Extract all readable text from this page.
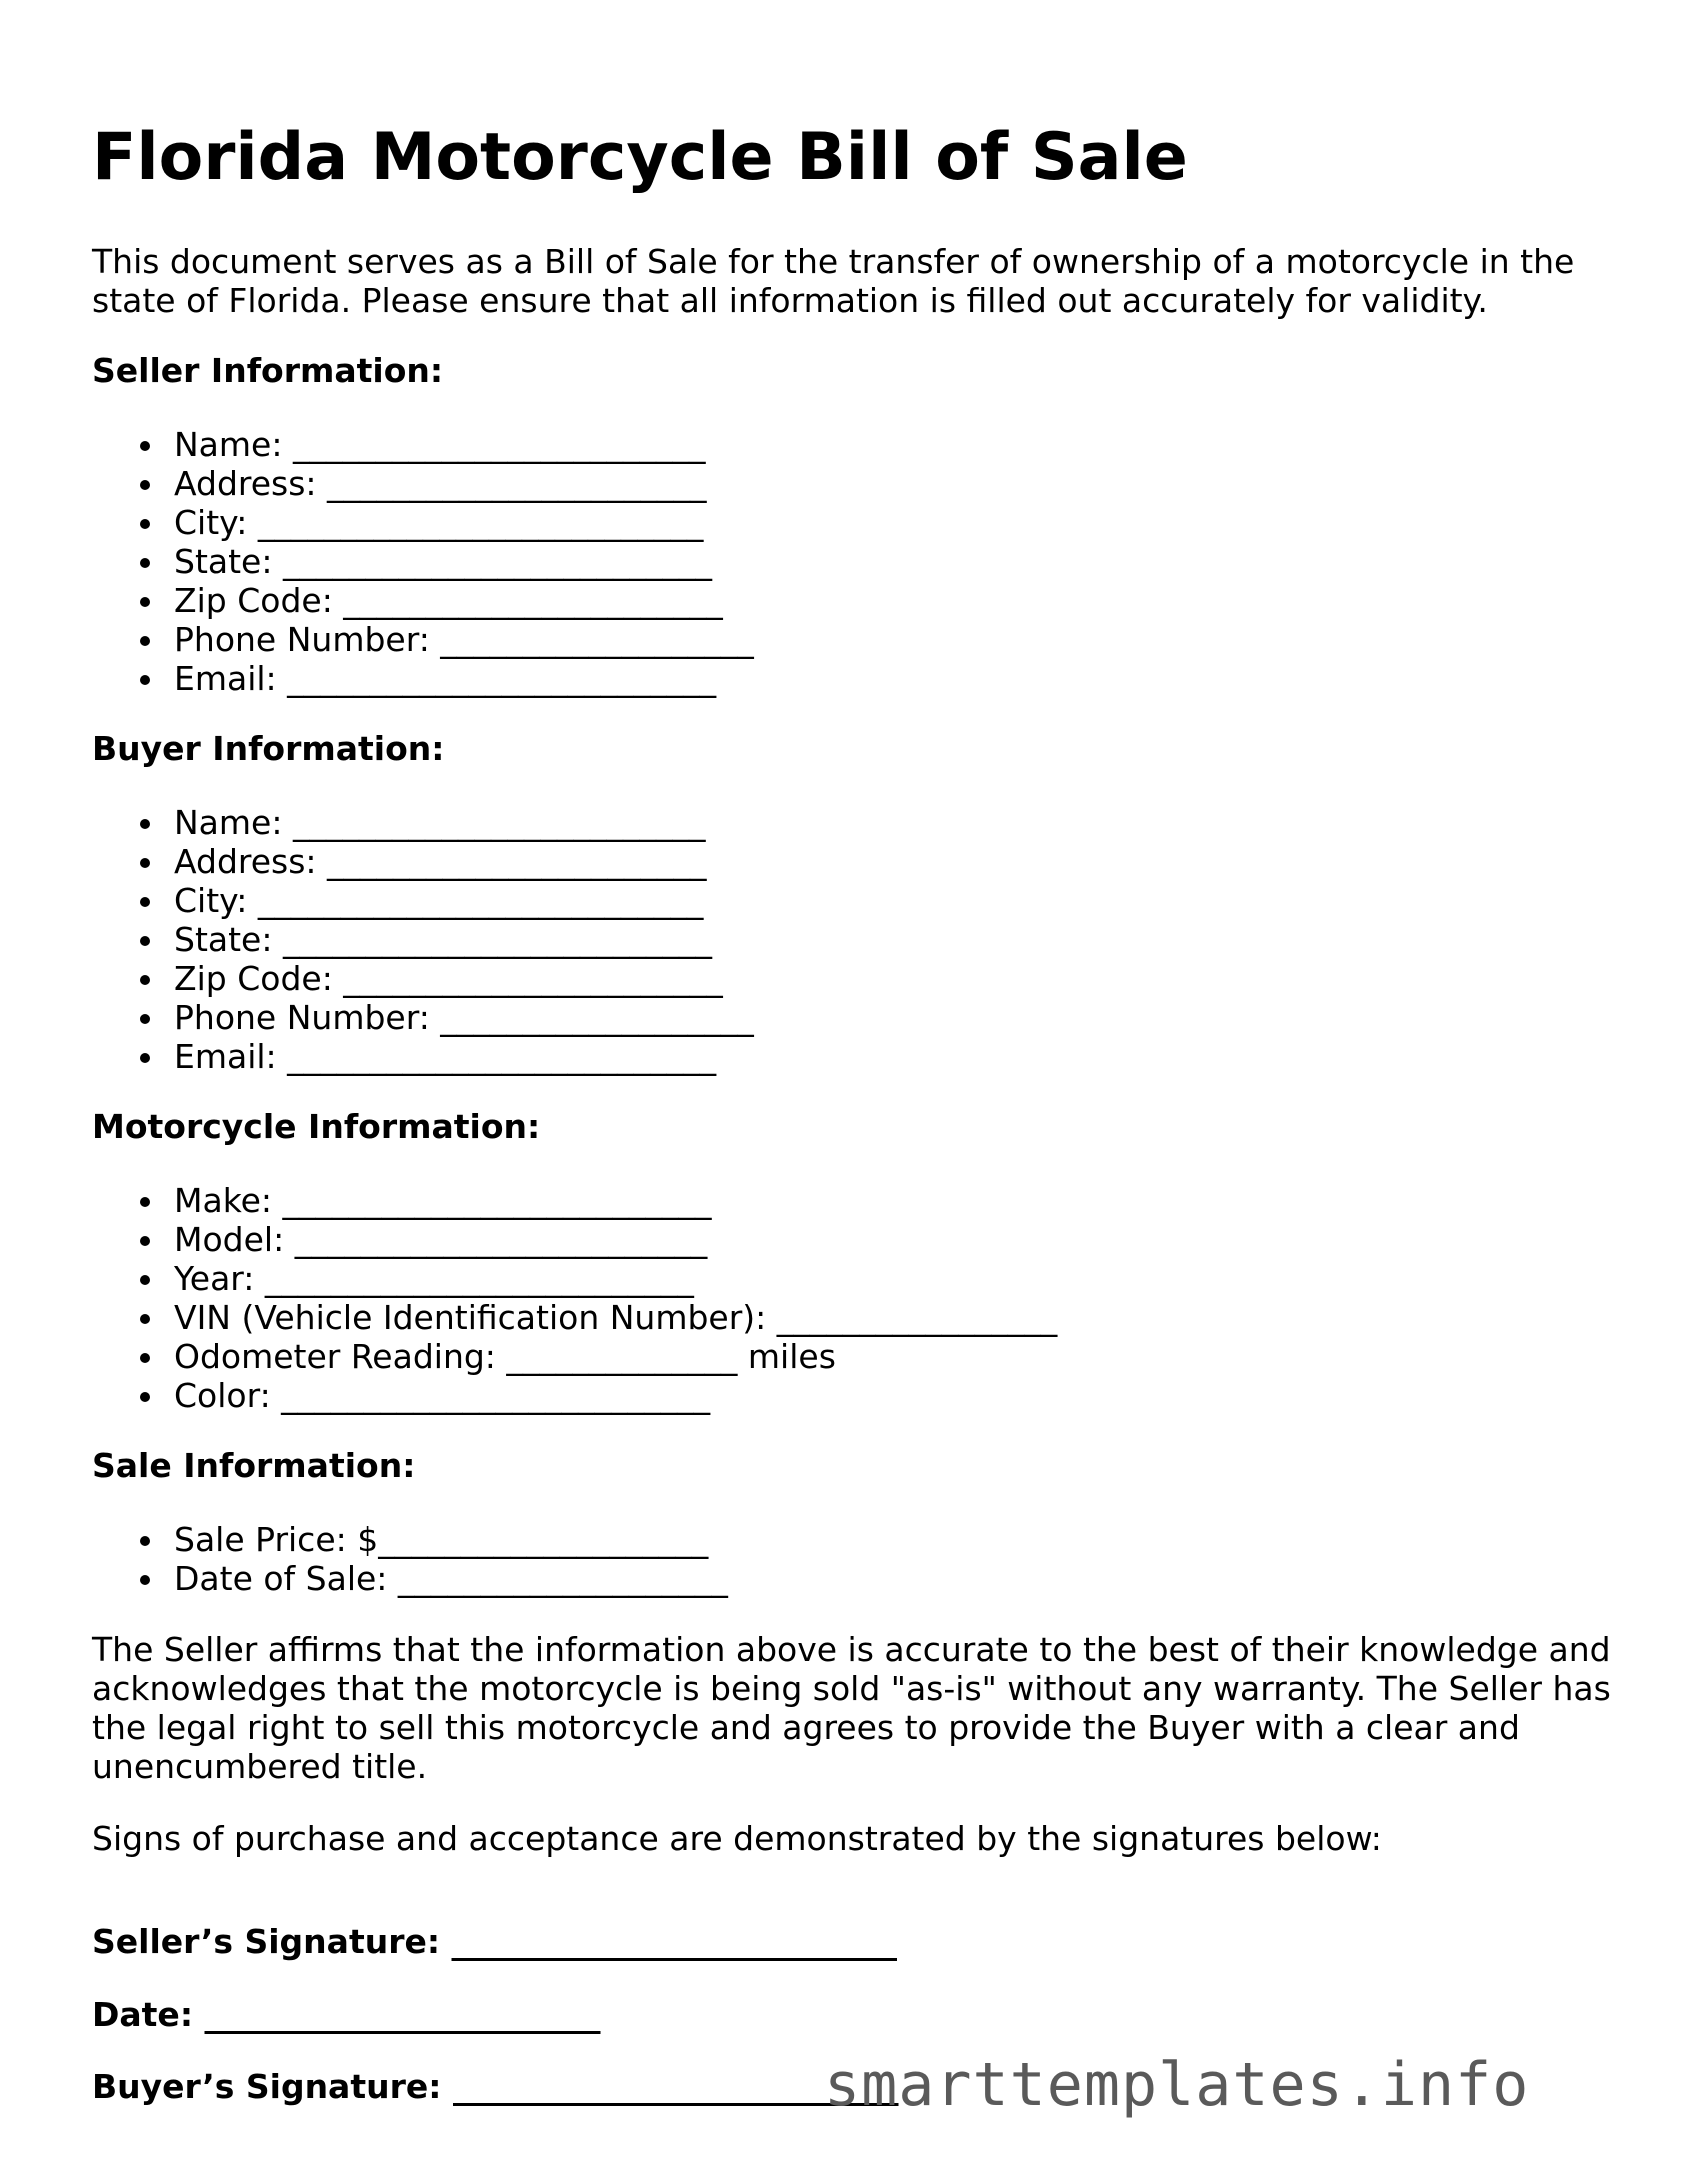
Florida Motorcycle Bill of Sale

This document serves as a Bill of Sale for the transfer of ownership of a motorcycle in the state of Florida. Please ensure that all information is filled out accurately for validity.

Seller Information:

Name: _________________________
Address: _______________________
City: ___________________________
State: __________________________
Zip Code: _______________________
Phone Number: ___________________
Email: __________________________

Buyer Information:

Name: _________________________
Address: _______________________
City: ___________________________
State: __________________________
Zip Code: _______________________
Phone Number: ___________________
Email: __________________________

Motorcycle Information:

Make: __________________________
Model: _________________________
Year: __________________________
VIN (Vehicle Identification Number): _________________
Odometer Reading: ______________ miles
Color: __________________________

Sale Information:

Sale Price: $____________________
Date of Sale: ____________________

The Seller affirms that the information above is accurate to the best of their knowledge and acknowledges that the motorcycle is being sold "as-is" without any warranty. The Seller has the legal right to sell this motorcycle and agrees to provide the Buyer with a clear and unencumbered title.

Signs of purchase and acceptance are demonstrated by the signatures below:

Seller’s Signature: ___________________________

Date: ________________________

Buyer’s Signature: ___________________________

smarttemplates.info
